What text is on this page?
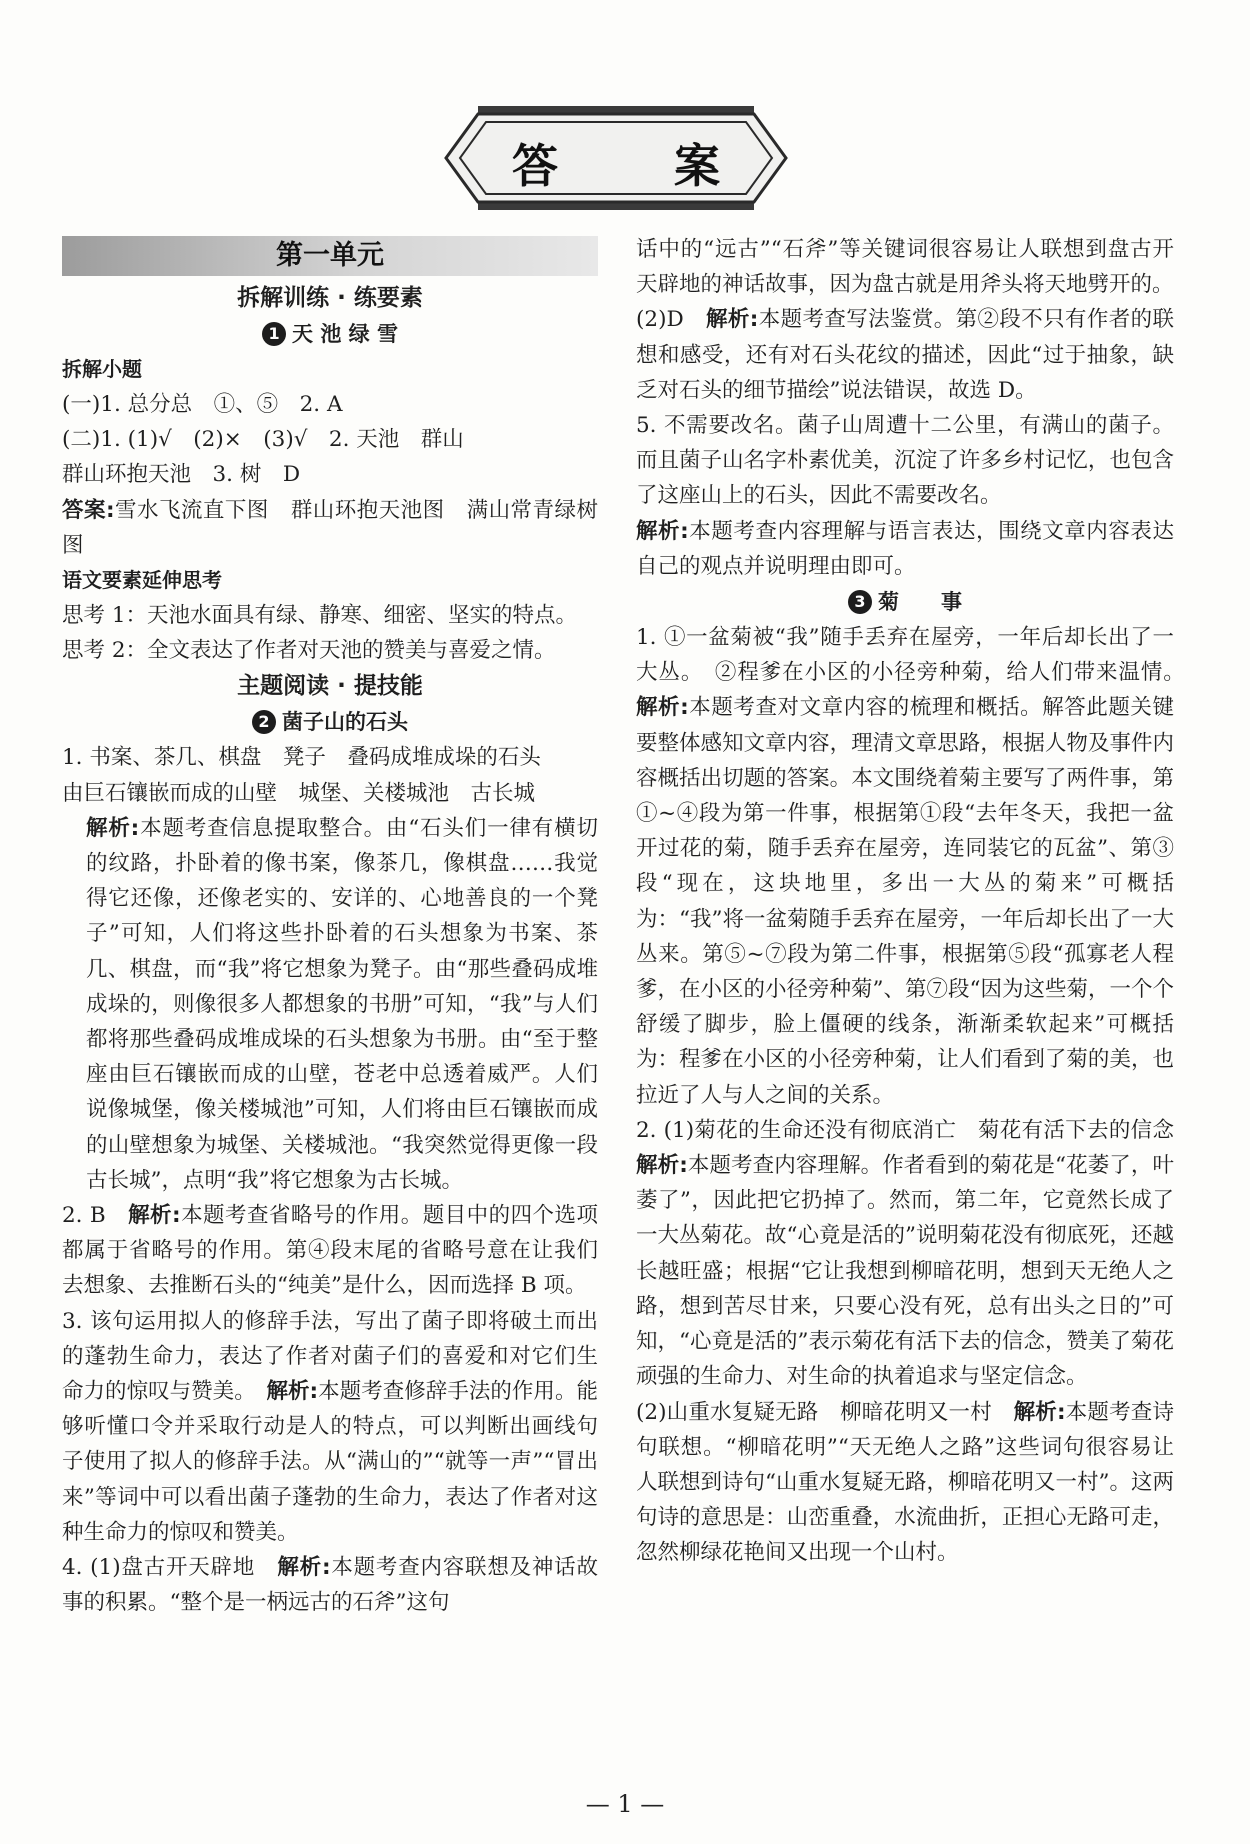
答 案
第一单元
拆解训练 · 练要素
1 天 池 绿 雪
拆解小题

(一)1. 总分总　①、⑤　2. A

(二)1. (1)√　(2)×　(3)√　2. 天池　群山

群山环抱天池　3. 树　D

答案:雪水飞流直下图　群山环抱天池图　满山常青绿树图

语文要素延伸思考

思考 1：天池水面具有绿、静寒、细密、坚实的特点。

思考 2：全文表达了作者对天池的赞美与喜爱之情。

主题阅读 · 提技能
2 菌子山的石头

1. 书案、茶几、棋盘　凳子　叠码成堆成垛的石头

由巨石镶嵌而成的山壁　城堡、关楼城池　古长城

解析:本题考查信息提取整合。由“石头们一律有横切的纹路，扑卧着的像书案，像茶几，像棋盘……我觉得它还像，还像老实的、安详的、心地善良的一个凳子”可知，人们将这些扑卧着的石头想象为书案、茶几、棋盘，而“我”将它想象为凳子。由“那些叠码成堆成垛的，则像很多人都想象的书册”可知，“我”与人们都将那些叠码成堆成垛的石头想象为书册。由“至于整座由巨石镶嵌而成的山壁，苍老中总透着威严。人们说像城堡，像关楼城池”可知，人们将由巨石镶嵌而成的山壁想象为城堡、关楼城池。“我突然觉得更像一段古长城”，点明“我”将它想象为古长城。

2. B　解析:本题考查省略号的作用。题目中的四个选项都属于省略号的作用。第④段末尾的省略号意在让我们去想象、去推断石头的“纯美”是什么，因而选择 B 项。

3. 该句运用拟人的修辞手法，写出了菌子即将破土而出的蓬勃生命力，表达了作者对菌子们的喜爱和对它们生命力的惊叹与赞美。　解析:本题考查修辞手法的作用。能够听懂口令并采取行动是人的特点，可以判断出画线句子使用了拟人的修辞手法。从“满山的”“就等一声”“冒出来”等词中可以看出菌子蓬勃的生命力，表达了作者对这种生命力的惊叹和赞美。

4. (1)盘古开天辟地　解析:本题考查内容联想及神话故事的积累。“整个是一柄远古的石斧”这句

话中的“远古”“石斧”等关键词很容易让人联想到盘古开天辟地的神话故事，因为盘古就是用斧头将天地劈开的。

(2)D　解析:本题考查写法鉴赏。第②段不只有作者的联想和感受，还有对石头花纹的描述，因此“过于抽象，缺乏对石头的细节描绘”说法错误，故选 D。

5. 不需要改名。菌子山周遭十二公里，有满山的菌子。而且菌子山名字朴素优美，沉淀了许多乡村记忆，也包含了这座山上的石头，因此不需要改名。

解析:本题考查内容理解与语言表达，围绕文章内容表达自己的观点并说明理由即可。

3 菊　　事

1. ①一盆菊被“我”随手丢弃在屋旁，一年后却长出了一大丛。　②程爹在小区的小径旁种菊，给人们带来温情。　解析:本题考查对文章内容的梳理和概括。解答此题关键要整体感知文章内容，理清文章思路，根据人物及事件内容概括出切题的答案。本文围绕着菊主要写了两件事，第①~④段为第一件事，根据第①段“去年冬天，我把一盆开过花的菊，随手丢弃在屋旁，连同装它的瓦盆”、第③段“现在，这块地里，多出一大丛的菊来”可概括为：“我”将一盆菊随手丢弃在屋旁，一年后却长出了一大丛来。第⑤~⑦段为第二件事，根据第⑤段“孤寡老人程爹，在小区的小径旁种菊”、第⑦段“因为这些菊，一个个舒缓了脚步，脸上僵硬的线条，渐渐柔软起来”可概括为：程爹在小区的小径旁种菊，让人们看到了菊的美，也拉近了人与人之间的关系。

2. (1)菊花的生命还没有彻底消亡　菊花有活下去的信念　解析:本题考查内容理解。作者看到的菊花是“花萎了，叶萎了”，因此把它扔掉了。然而，第二年，它竟然长成了一大丛菊花。故“心竟是活的”说明菊花没有彻底死，还越长越旺盛；根据“它让我想到柳暗花明，想到天无绝人之路，想到苦尽甘来，只要心没有死，总有出头之日的”可知，“心竟是活的”表示菊花有活下去的信念，赞美了菊花顽强的生命力、对生命的执着追求与坚定信念。

(2)山重水复疑无路　柳暗花明又一村　解析:本题考查诗句联想。“柳暗花明”“天无绝人之路”这些词句很容易让人联想到诗句“山重水复疑无路，柳暗花明又一村”。这两句诗的意思是：山峦重叠，水流曲折，正担心无路可走，忽然柳绿花艳间又出现一个山村。

— 1 —
